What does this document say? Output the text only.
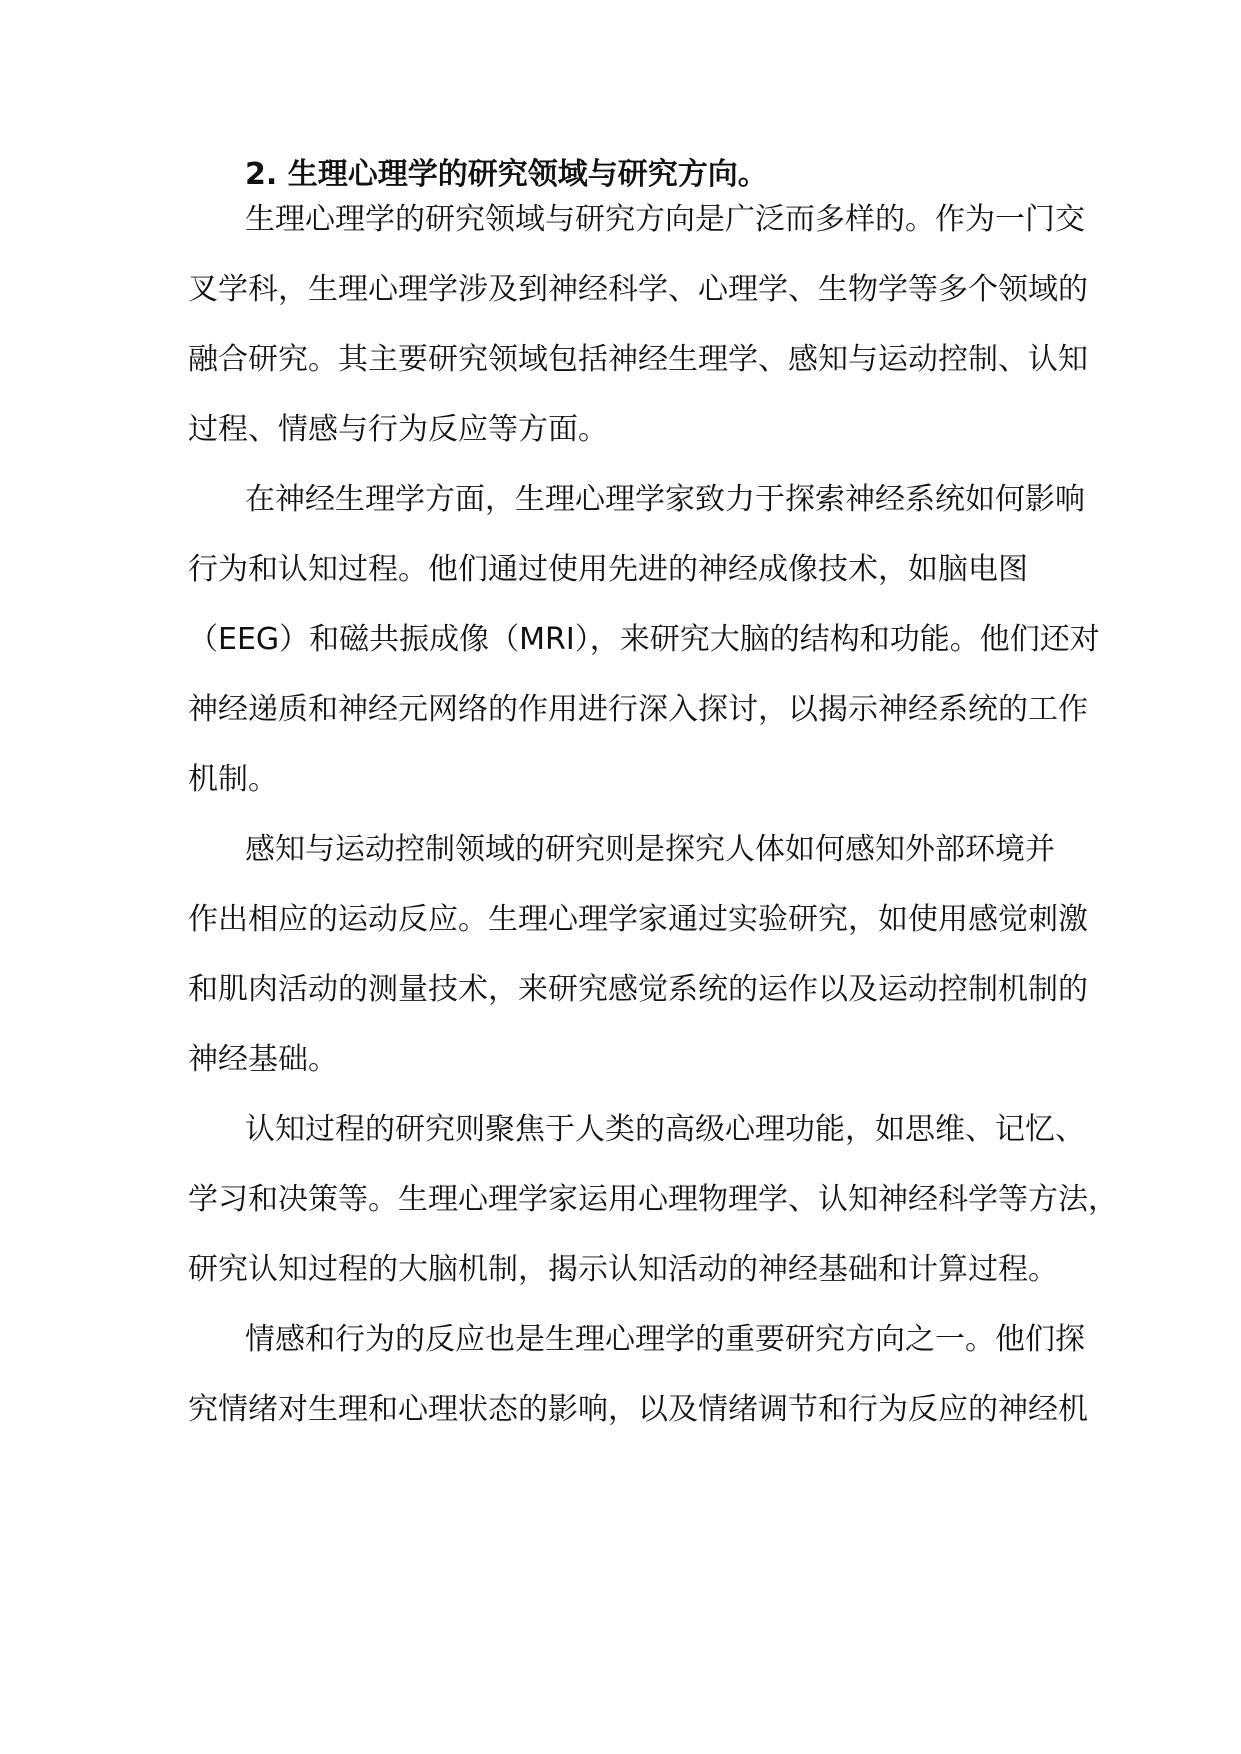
2. 生理心理学的研究领域与研究方向。

生理心理学的研究领域与研究方向是广泛而多样的。作为一门交

叉学科，生理心理学涉及到神经科学、心理学、生物学等多个领域的

融合研究。其主要研究领域包括神经生理学、感知与运动控制、认知

过程、情感与行为反应等方面。

在神经生理学方面，生理心理学家致力于探索神经系统如何影响

行为和认知过程。他们通过使用先进的神经成像技术，如脑电图

（EEG）和磁共振成像（MRI），来研究大脑的结构和功能。他们还对

神经递质和神经元网络的作用进行深入探讨，以揭示神经系统的工作

机制。

感知与运动控制领域的研究则是探究人体如何感知外部环境并

作出相应的运动反应。生理心理学家通过实验研究，如使用感觉刺激

和肌肉活动的测量技术，来研究感觉系统的运作以及运动控制机制的

神经基础。

认知过程的研究则聚焦于人类的高级心理功能，如思维、记忆、

学习和决策等。生理心理学家运用心理物理学、认知神经科学等方法，

研究认知过程的大脑机制，揭示认知活动的神经基础和计算过程。

情感和行为的反应也是生理心理学的重要研究方向之一。他们探

究情绪对生理和心理状态的影响，以及情绪调节和行为反应的神经机
